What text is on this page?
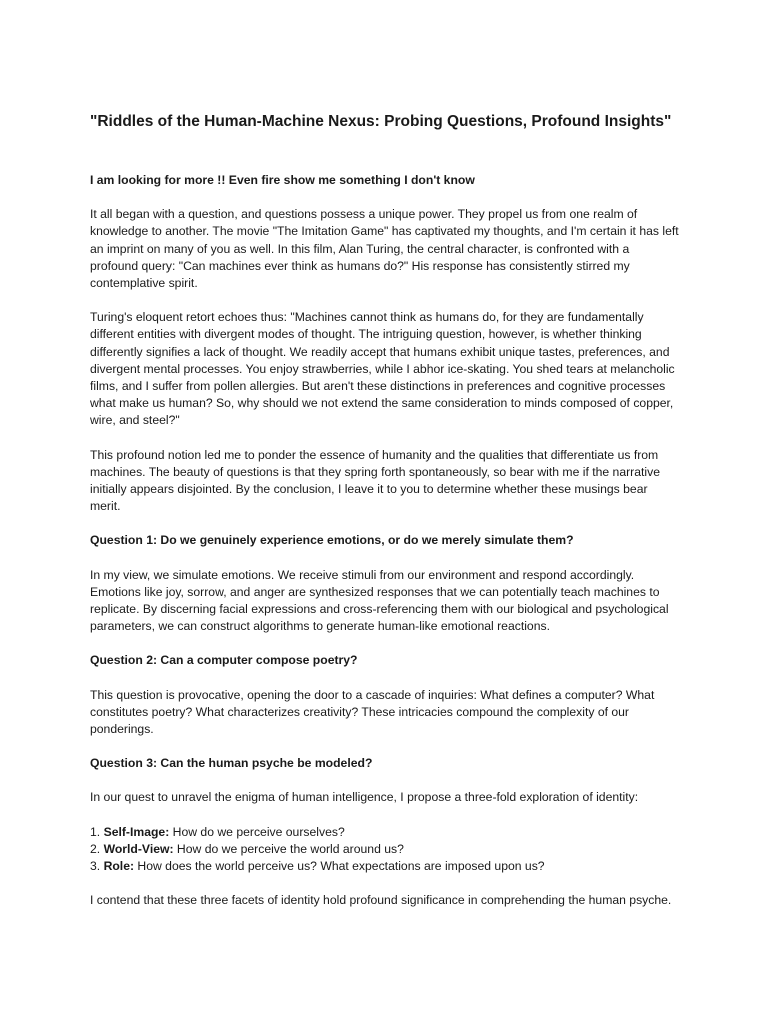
"Riddles of the Human-Machine Nexus: Probing Questions, Profound Insights"

I am looking for more !! Even fire show me something I don't know

It all began with a question, and questions possess a unique power. They propel us from one realm of knowledge to another. The movie "The Imitation Game" has captivated my thoughts, and I'm certain it has left an imprint on many of you as well. In this film, Alan Turing, the central character, is confronted with a profound query: "Can machines ever think as humans do?" His response has consistently stirred my contemplative spirit.

Turing's eloquent retort echoes thus: "Machines cannot think as humans do, for they are fundamentally different entities with divergent modes of thought. The intriguing question, however, is whether thinking differently signifies a lack of thought. We readily accept that humans exhibit unique tastes, preferences, and divergent mental processes. You enjoy strawberries, while I abhor ice-skating. You shed tears at melancholic films, and I suffer from pollen allergies. But aren't these distinctions in preferences and cognitive processes what make us human? So, why should we not extend the same consideration to minds composed of copper, wire, and steel?"

This profound notion led me to ponder the essence of humanity and the qualities that differentiate us from machines. The beauty of questions is that they spring forth spontaneously, so bear with me if the narrative initially appears disjointed. By the conclusion, I leave it to you to determine whether these musings bear merit.

Question 1: Do we genuinely experience emotions, or do we merely simulate them?

In my view, we simulate emotions. We receive stimuli from our environment and respond accordingly. Emotions like joy, sorrow, and anger are synthesized responses that we can potentially teach machines to replicate. By discerning facial expressions and cross-referencing them with our biological and psychological parameters, we can construct algorithms to generate human-like emotional reactions.

Question 2: Can a computer compose poetry?

This question is provocative, opening the door to a cascade of inquiries: What defines a computer? What constitutes poetry? What characterizes creativity? These intricacies compound the complexity of our ponderings.

Question 3: Can the human psyche be modeled?

In our quest to unravel the enigma of human intelligence, I propose a three-fold exploration of identity:

1. Self-Image: How do we perceive ourselves?
2. World-View: How do we perceive the world around us?
3. Role: How does the world perceive us? What expectations are imposed upon us?

I contend that these three facets of identity hold profound significance in comprehending the human psyche.
